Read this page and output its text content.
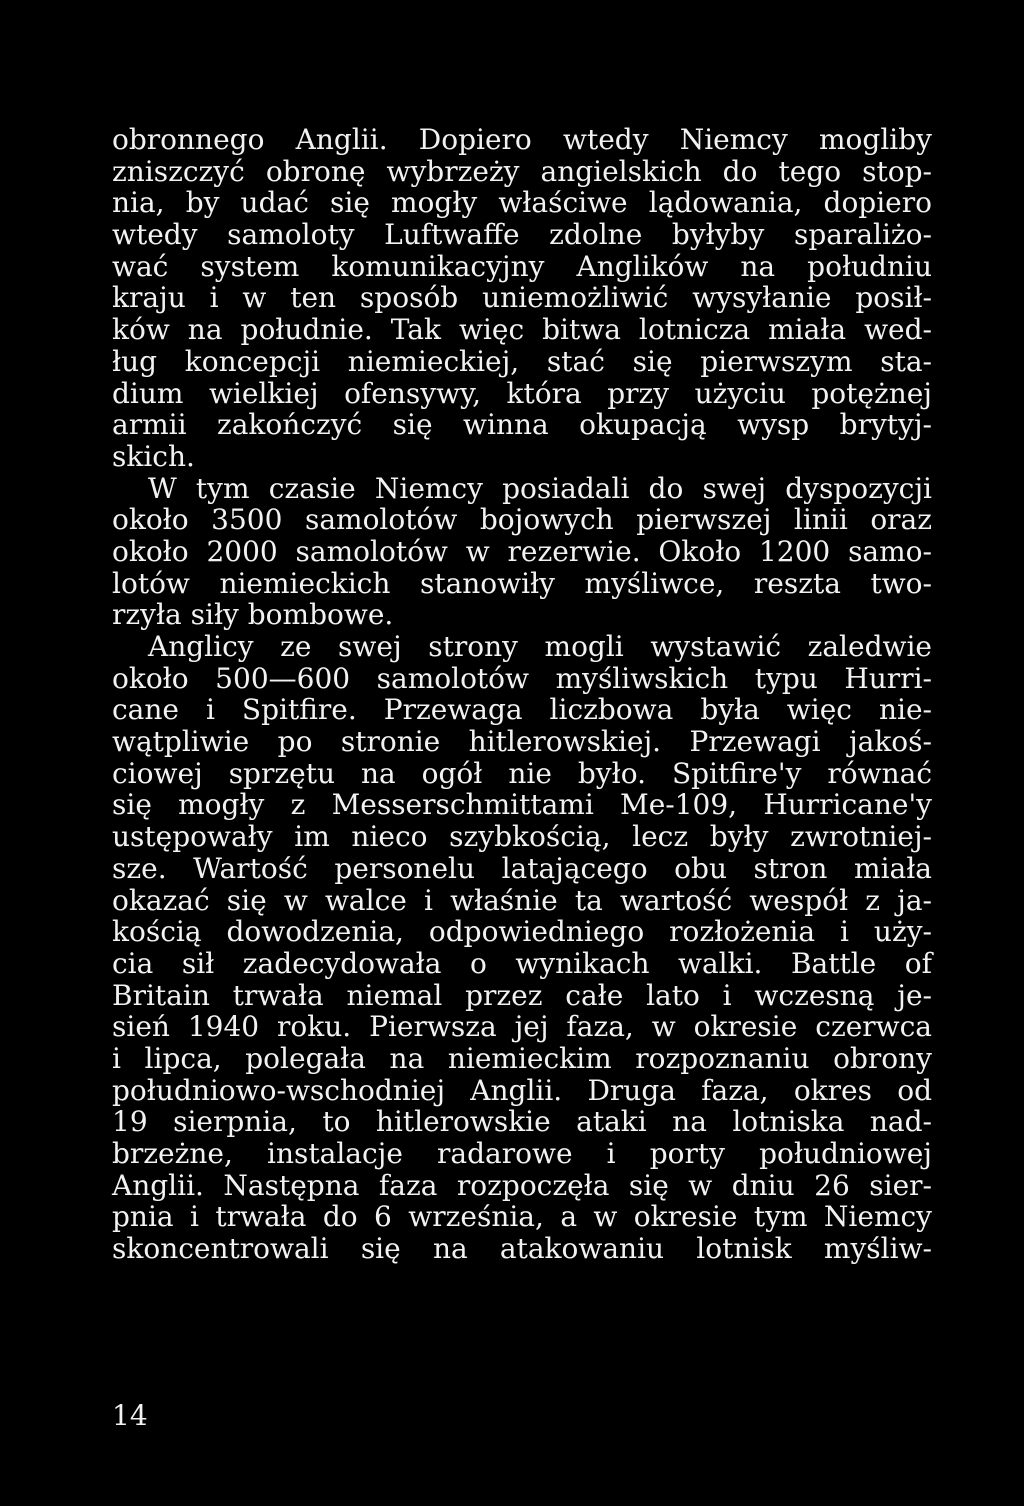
obronnego Anglii. Dopiero wtedy Niemcy mogliby
zniszczyć obronę wybrzeży angielskich do tego stop-
nia, by udać się mogły właściwe lądowania, dopiero
wtedy samoloty Luftwaffe zdolne byłyby sparaliżo-
wać system komunikacyjny Anglików na południu
kraju i w ten sposób uniemożliwić wysyłanie posił-
ków na południe. Tak więc bitwa lotnicza miała wed-
ług koncepcji niemieckiej, stać się pierwszym sta-
dium wielkiej ofensywy, która przy użyciu potężnej
armii zakończyć się winna okupacją wysp brytyj-
skich.
W tym czasie Niemcy posiadali do swej dyspozycji
około 3500 samolotów bojowych pierwszej linii oraz
około 2000 samolotów w rezerwie. Około 1200 samo-
lotów niemieckich stanowiły myśliwce, reszta two-
rzyła siły bombowe.
Anglicy ze swej strony mogli wystawić zaledwie
około 500—600 samolotów myśliwskich typu Hurri-
cane i Spitfire. Przewaga liczbowa była więc nie-
wątpliwie po stronie hitlerowskiej. Przewagi jakoś-
ciowej sprzętu na ogół nie było. Spitfire'y równać
się mogły z Messerschmittami Me-109, Hurricane'y
ustępowały im nieco szybkością, lecz były zwrotniej-
sze. Wartość personelu latającego obu stron miała
okazać się w walce i właśnie ta wartość wespół z ja-
kością dowodzenia, odpowiedniego rozłożenia i uży-
cia sił zadecydowała o wynikach walki. Battle of
Britain trwała niemal przez całe lato i wczesną je-
sień 1940 roku. Pierwsza jej faza, w okresie czerwca
i lipca, polegała na niemieckim rozpoznaniu obrony
południowo-wschodniej Anglii. Druga faza, okres od
19 sierpnia, to hitlerowskie ataki na lotniska nad-
brzeżne, instalacje radarowe i porty południowej
Anglii. Następna faza rozpoczęła się w dniu 26 sier-
pnia i trwała do 6 września, a w okresie tym Niemcy
skoncentrowali się na atakowaniu lotnisk myśliw-
14
